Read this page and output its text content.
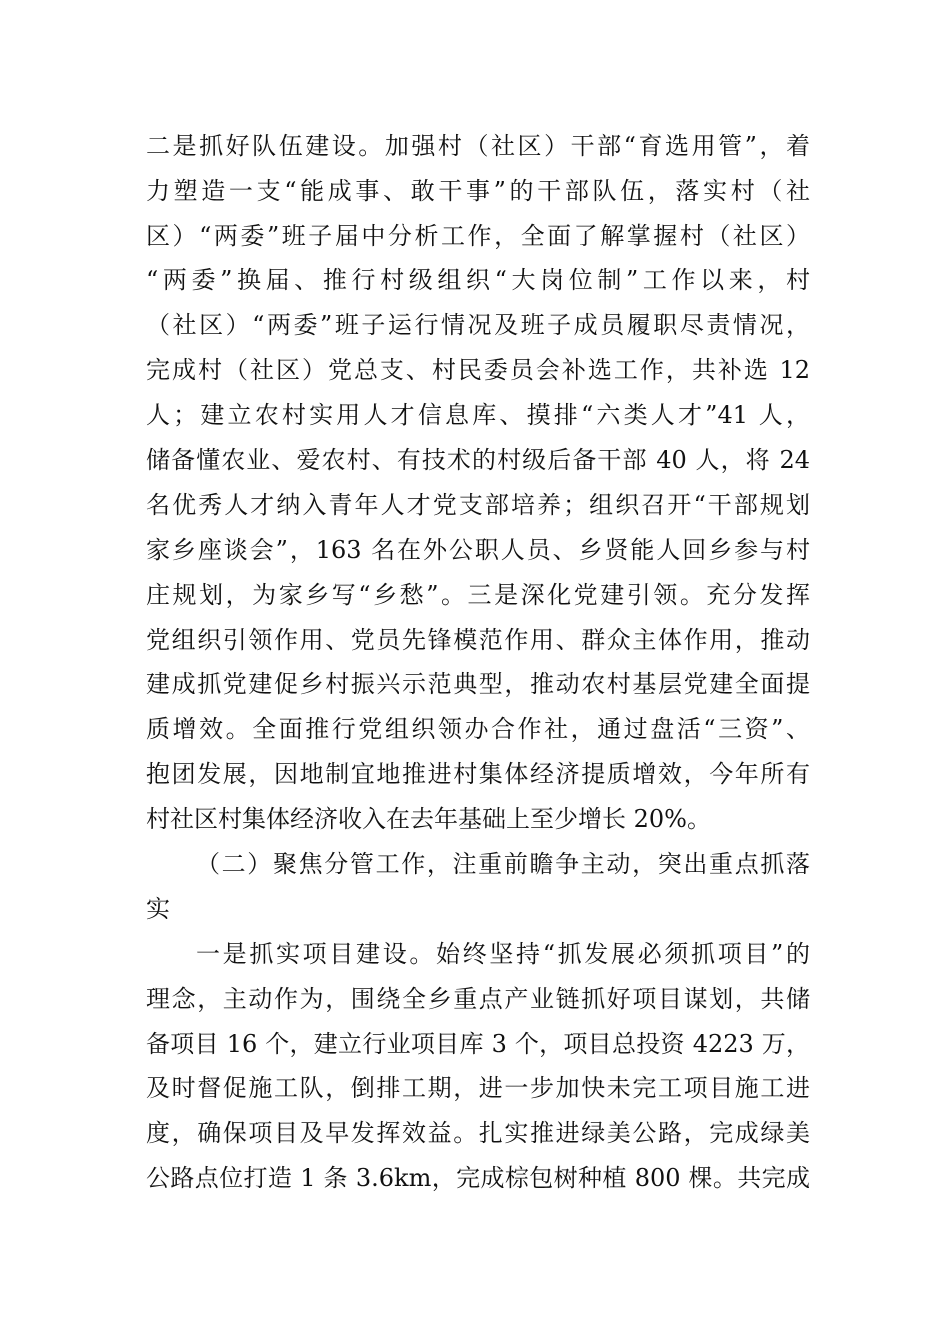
二是抓好队伍建设。加强村（社区）干部“育选用管”，着
力塑造一支“能成事、敢干事”的干部队伍，落实村（社
区）“两委”班子届中分析工作，全面了解掌握村（社区）
“两委”换届、推行村级组织“大岗位制”工作以来，村
（社区）“两委”班子运行情况及班子成员履职尽责情况，
完成村（社区）党总支、村民委员会补选工作，共补选 12
人；建立农村实用人才信息库、摸排“六类人才”41 人，
储备懂农业、爱农村、有技术的村级后备干部 40 人，将 24
名优秀人才纳入青年人才党支部培养；组织召开“干部规划
家乡座谈会”，163 名在外公职人员、乡贤能人回乡参与村
庄规划，为家乡写“乡愁”。三是深化党建引领。充分发挥
党组织引领作用、党员先锋模范作用、群众主体作用，推动
建成抓党建促乡村振兴示范典型，推动农村基层党建全面提
质增效。全面推行党组织领办合作社，通过盘活“三资”、
抱团发展，因地制宜地推进村集体经济提质增效，今年所有
村社区村集体经济收入在去年基础上至少增长 20%。
（二）聚焦分管工作，注重前瞻争主动，突出重点抓落
实
一是抓实项目建设。始终坚持“抓发展必须抓项目”的
理念，主动作为，围绕全乡重点产业链抓好项目谋划，共储
备项目 16 个，建立行业项目库 3 个，项目总投资 4223 万，
及时督促施工队，倒排工期，进一步加快未完工项目施工进
度，确保项目及早发挥效益。扎实推进绿美公路，完成绿美
公路点位打造 1 条 3.6km，完成棕包树种植 800 棵。共完成
